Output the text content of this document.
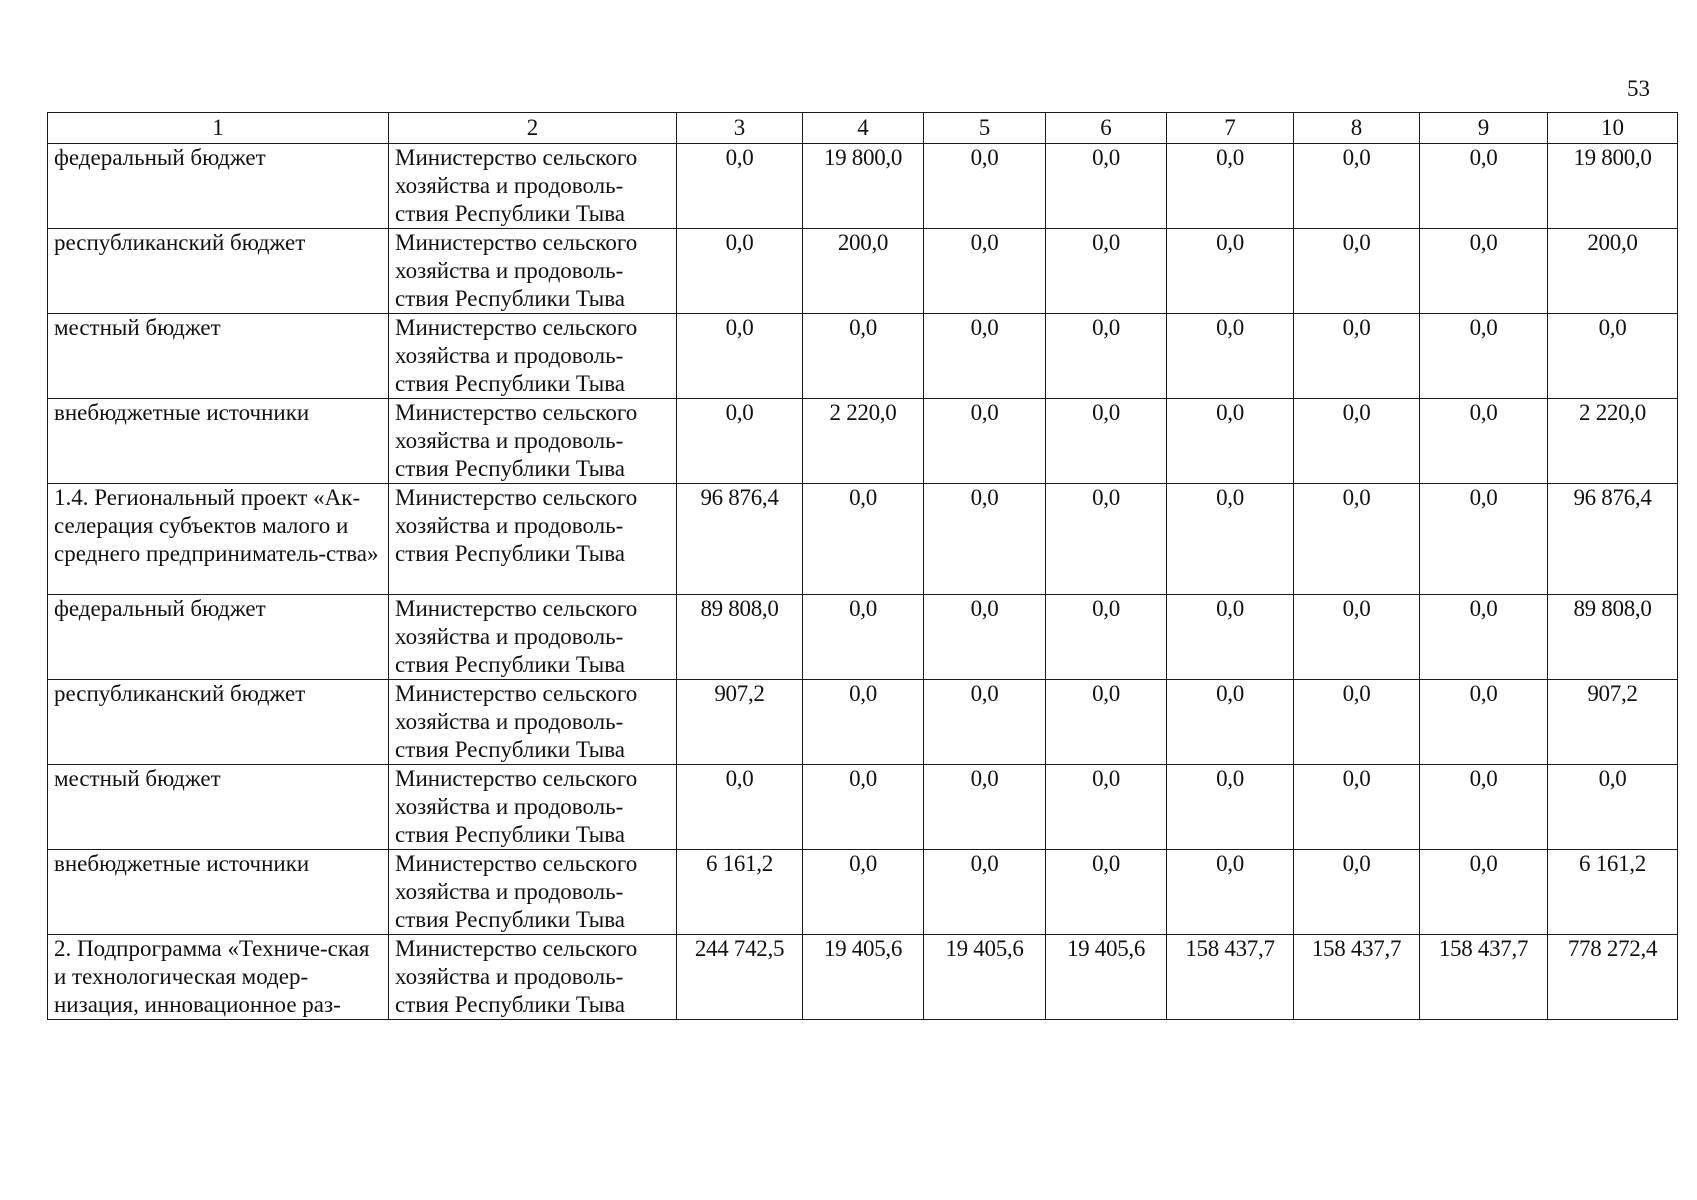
53
1	2	3	4	5	6	7	8	9	10
федеральный бюджет	Министерство сельского хозяйства и продоволь-ствия Республики Тыва	0,0	19 800,0	0,0	0,0	0,0	0,0	0,0	19 800,0
республиканский бюджет	Министерство сельского хозяйства и продоволь-ствия Республики Тыва	0,0	200,0	0,0	0,0	0,0	0,0	0,0	200,0
местный бюджет	Министерство сельского хозяйства и продоволь-ствия Республики Тыва	0,0	0,0	0,0	0,0	0,0	0,0	0,0	0,0
внебюджетные источники	Министерство сельского хозяйства и продоволь-ствия Республики Тыва	0,0	2 220,0	0,0	0,0	0,0	0,0	0,0	2 220,0
1.4. Региональный проект «Ак-селерация субъектов малого и среднего предприниматель-ства»	Министерство сельского хозяйства и продоволь-ствия Республики Тыва	96 876,4	0,0	0,0	0,0	0,0	0,0	0,0	96 876,4
федеральный бюджет	Министерство сельского хозяйства и продоволь-ствия Республики Тыва	89 808,0	0,0	0,0	0,0	0,0	0,0	0,0	89 808,0
республиканский бюджет	Министерство сельского хозяйства и продоволь-ствия Республики Тыва	907,2	0,0	0,0	0,0	0,0	0,0	0,0	907,2
местный бюджет	Министерство сельского хозяйства и продоволь-ствия Республики Тыва	0,0	0,0	0,0	0,0	0,0	0,0	0,0	0,0
внебюджетные источники	Министерство сельского хозяйства и продоволь-ствия Республики Тыва	6 161,2	0,0	0,0	0,0	0,0	0,0	0,0	6 161,2
2. Подпрограмма «Техниче-ская и технологическая модер-низация, инновационное раз-	Министерство сельского хозяйства и продоволь-ствия Республики Тыва	244 742,5	19 405,6	19 405,6	19 405,6	158 437,7	158 437,7	158 437,7	778 272,4
